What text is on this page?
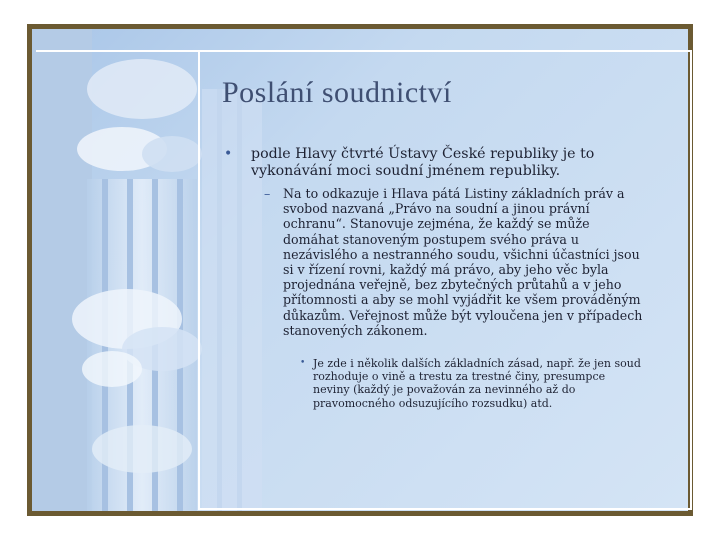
Poslání soudnictví
• podle Hlavy čtvrté Ústavy České republiky je to vykonávání moci soudní jménem republiky.
– Na to odkazuje i Hlava pátá Listiny základních práv a svobod nazvaná „Právo na soudní a jinou právní ochranu“. Stanovuje zejména, že každý se může domáhat stanoveným postupem svého práva u nezávislého a nestranného soudu, všichni účastníci jsou si v řízení rovni, každý má právo, aby jeho věc byla projednána veřejně, bez zbytečných průtahů a v jeho přítomnosti a aby se mohl vyjádřit ke všem prováděným důkazům. Veřejnost může být vyloučena jen v případech stanovených zákonem.
• Je zde i několik dalších základních zásad, např. že jen soud rozhoduje o vině a trestu za trestné činy, presumpce neviny (každý je považován za nevinného až do pravomocného odsuzujícího rozsudku) atd.
